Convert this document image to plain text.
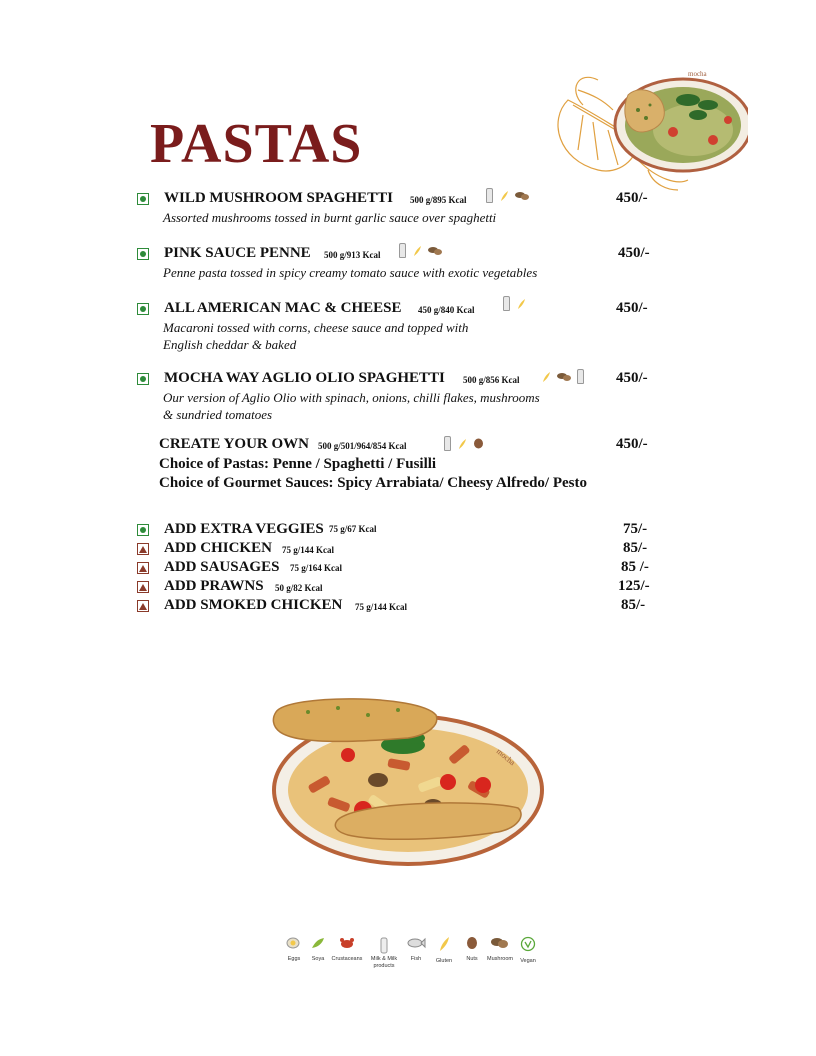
PASTAS
mocha
WILD MUSHROOM SPAGHETTI 500 g/895 Kcal	450/-
Assorted mushrooms tossed in burnt garlic sauce over spaghetti
PINK SAUCE PENNE 500 g/913 Kcal	450/-
Penne pasta tossed in spicy creamy tomato sauce with exotic vegetables
ALL AMERICAN MAC & CHEESE 450 g/840 Kcal	450/-
Macaroni tossed with corns, cheese sauce and topped with
English cheddar & baked
MOCHA WAY AGLIO OLIO SPAGHETTI 500 g/856 Kcal	450/-
Our version of Aglio Olio with spinach, onions, chilli flakes, mushrooms
& sundried tomatoes
CREATE YOUR OWN 500 g/501/964/854 Kcal	450/-
Choice of Pastas: Penne / Spaghetti / Fusilli
Choice of Gourmet Sauces: Spicy Arrabiata/ Cheesy Alfredo/ Pesto
ADD EXTRA VEGGIES 75 g/67 Kcal	75/-
ADD CHICKEN 75 g/144 Kcal	85/-
ADD SAUSAGES 75 g/164 Kcal	85 /-
ADD PRAWNS 50 g/82 Kcal	125/-
ADD SMOKED CHICKEN 75 g/144 Kcal	85/-
mocha
Eggs Soya Crustaceans	Milk & Milk products
Fish	Gluten	Nuts Mushroom Vegan
